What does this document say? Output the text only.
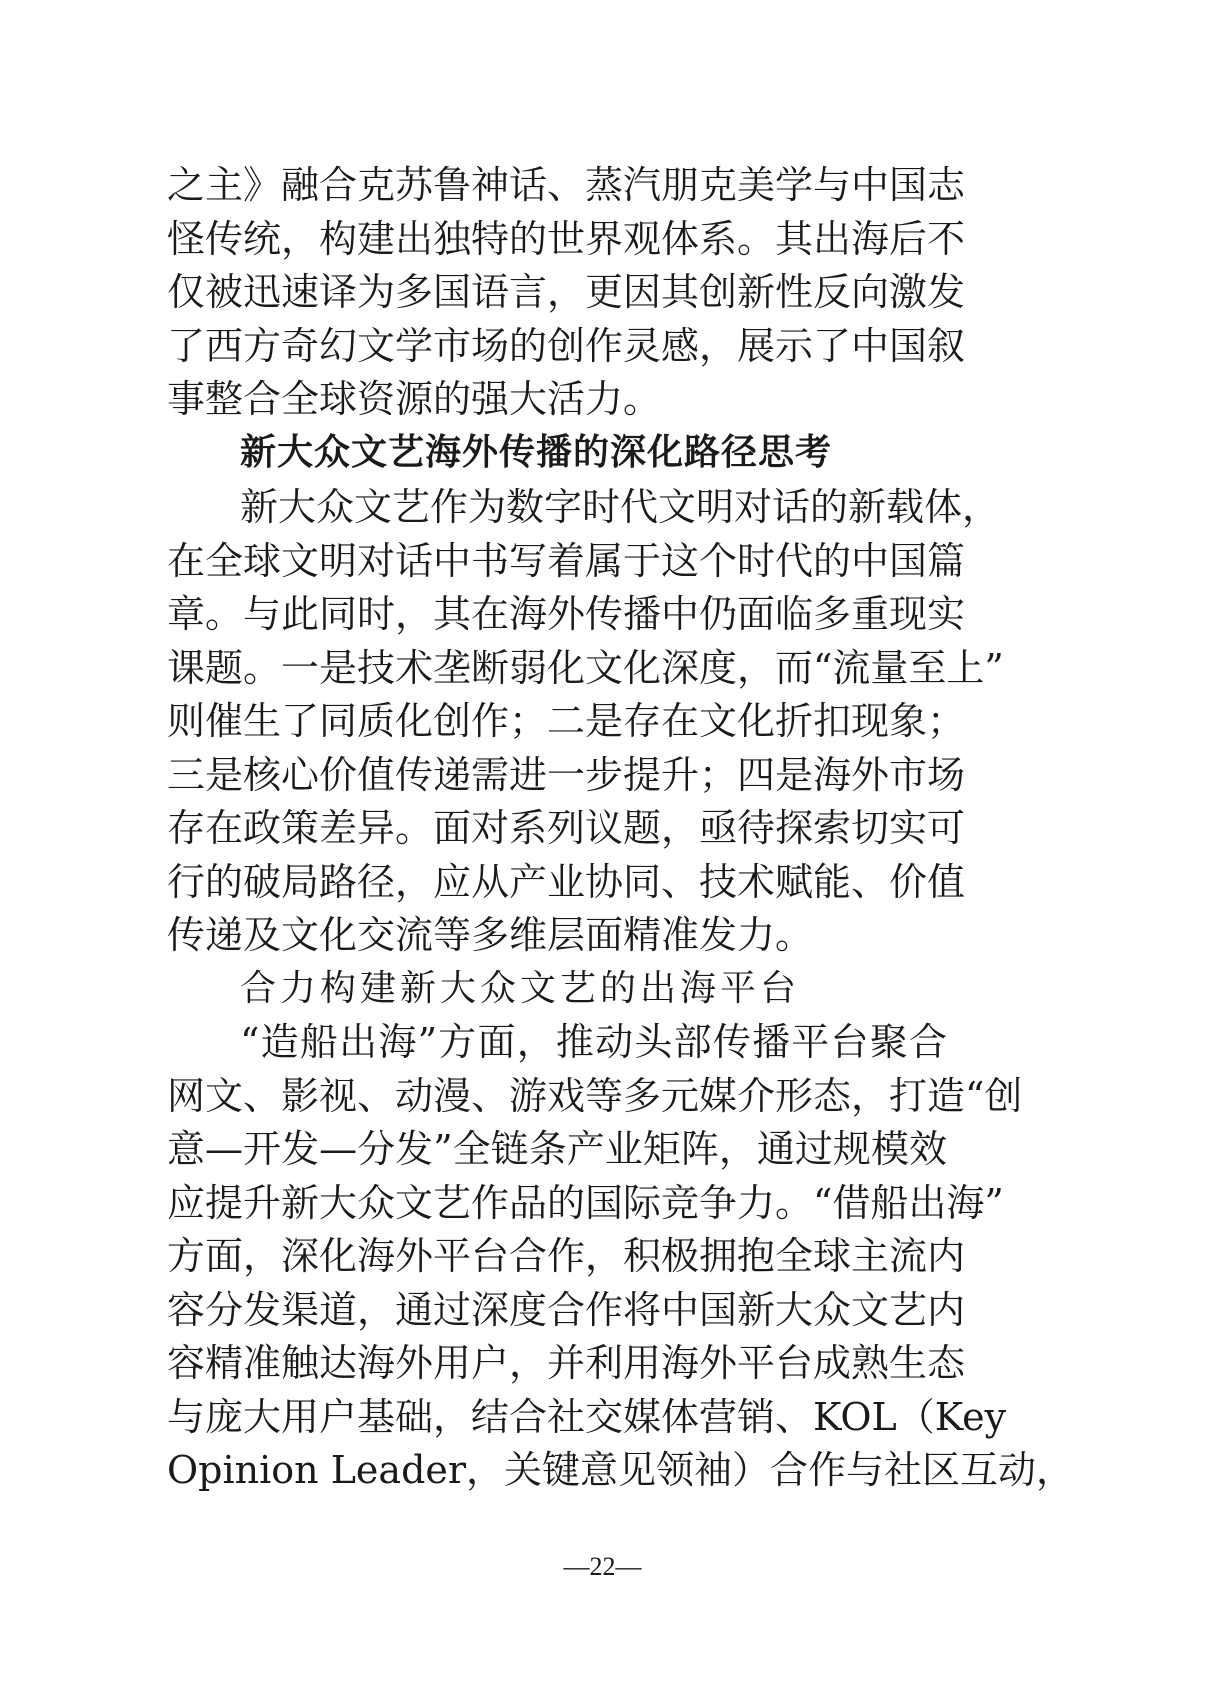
之主》融合克苏鲁神话、蒸汽朋克美学与中国志
怪传统，构建出独特的世界观体系。其出海后不
仅被迅速译为多国语言，更因其创新性反向激发
了西方奇幻文学市场的创作灵感，展示了中国叙
事整合全球资源的强大活力。
新大众文艺海外传播的深化路径思考
新大众文艺作为数字时代文明对话的新载体，
在全球文明对话中书写着属于这个时代的中国篇
章。与此同时，其在海外传播中仍面临多重现实
课题。一是技术垄断弱化文化深度，而“流量至上”
则催生了同质化创作；二是存在文化折扣现象；
三是核心价值传递需进一步提升；四是海外市场
存在政策差异。面对系列议题，亟待探索切实可
行的破局路径，应从产业协同、技术赋能、价值
传递及文化交流等多维层面精准发力。
合力构建新大众文艺的出海平台
“造船出海”方面，推动头部传播平台聚合
网文、影视、动漫、游戏等多元媒介形态，打造“创
意—开发—分发”全链条产业矩阵，通过规模效
应提升新大众文艺作品的国际竞争力。“借船出海”
方面，深化海外平台合作，积极拥抱全球主流内
容分发渠道，通过深度合作将中国新大众文艺内
容精准触达海外用户，并利用海外平台成熟生态
与庞大用户基础，结合社交媒体营销、KOL（Key
Opinion Leader，关键意见领袖）合作与社区互动，
—22—
